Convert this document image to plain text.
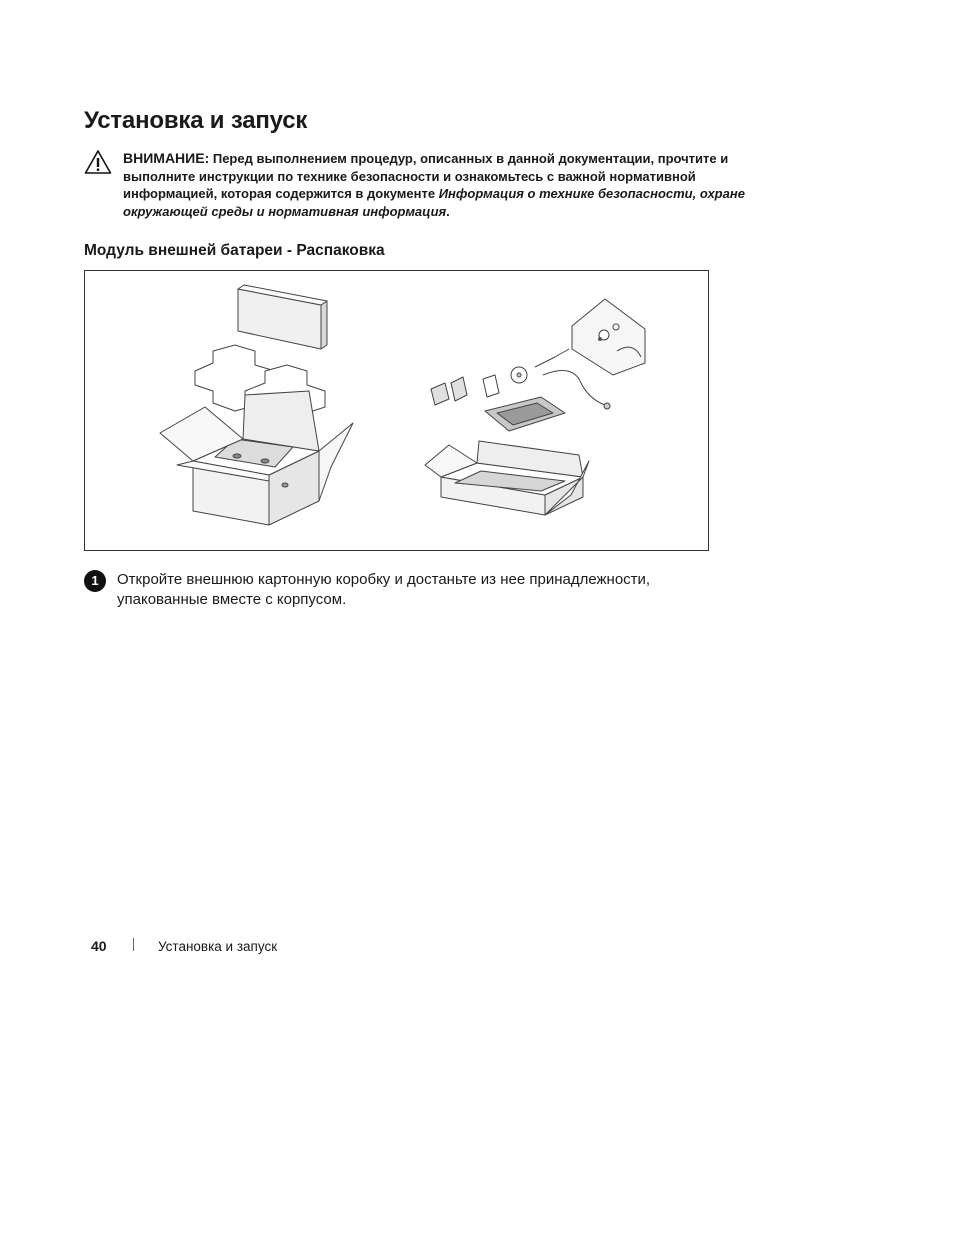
Установка и запуск
ВНИМАНИЕ: Перед выполнением процедур, описанных в данной документации, прочтите и выполните инструкции по технике безопасности и ознакомьтесь с важной нормативной информацией, которая содержится в документе Информация о технике безопасности, охране окружающей среды и нормативная информация.
Модуль внешней батареи - Распаковка
1	Откройте внешнюю картонную коробку и достаньте из нее принадлежности, упакованные вместе с корпусом.
40	Установка и запуск
